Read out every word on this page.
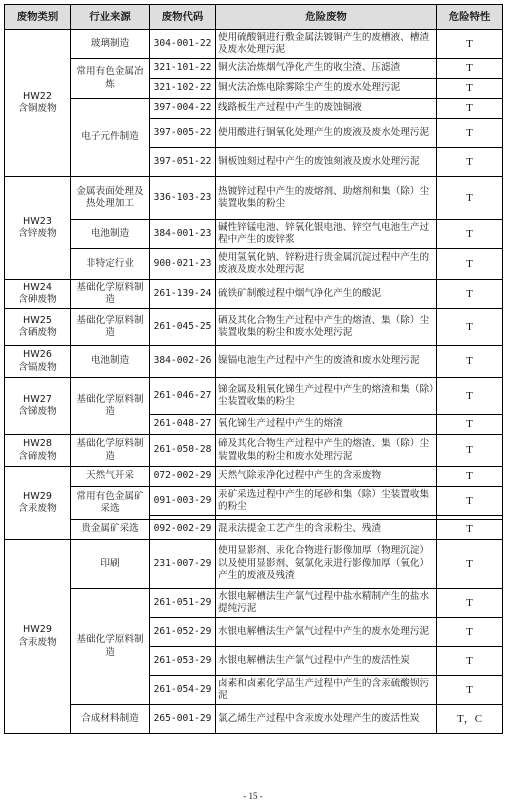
废物类别	行业来源	废物代码	危险废物	危险特性
HW22
含铜废物	玻璃制造	304-001-22	使用硫酸铜进行敷金属法镀铜产生的废槽液、槽渣及废水处理污泥	T
	常用有色金属冶炼	321-101-22	铜火法冶炼烟气净化产生的收尘渣、压滤渣	T
		321-102-22	铜火法冶炼电除雾除尘产生的废水处理污泥	T
	电子元件制造	397-004-22	线路板生产过程中产生的废蚀铜液	T
		397-005-22	使用酸进行铜氧化处理产生的废液及废水处理污泥	T
		397-051-22	铜板蚀刻过程中产生的废蚀刻液及废水处理污泥	T
HW23
含锌废物	金属表面处理及热处理加工	336-103-23	热镀锌过程中产生的废熔剂、助熔剂和集（除）尘装置收集的粉尘	T
	电池制造	384-001-23	碱性锌锰电池、锌氧化银电池、锌空气电池生产过程中产生的废锌浆	T
	非特定行业	900-021-23	使用氢氧化钠、锌粉进行贵金属沉淀过程中产生的废液及废水处理污泥	T
HW24
含砷废物	基础化学原料制造	261-139-24	硫铁矿制酸过程中烟气净化产生的酸泥	T
HW25
含硒废物	基础化学原料制造	261-045-25	硒及其化合物生产过程中产生的熔渣、集（除）尘装置收集的粉尘和废水处理污泥	T
HW26
含镉废物	电池制造	384-002-26	镍镉电池生产过程中产生的废渣和废水处理污泥	T
HW27
含锑废物	基础化学原料制造	261-046-27	锑金属及粗氧化锑生产过程中产生的熔渣和集（除）尘装置收集的粉尘	T
		261-048-27	氧化锑生产过程中产生的熔渣	T
HW28
含碲废物	基础化学原料制造	261-050-28	碲及其化合物生产过程中产生的熔渣、集（除）尘装置收集的粉尘和废水处理污泥	T
HW29
含汞废物	天然气开采	072-002-29	天然气除汞净化过程中产生的含汞废物	T
	常用有色金属矿采选	091-003-29	汞矿采选过程中产生的尾砂和集（除）尘装置收集的粉尘	T

	贵金属矿采选	092-002-29	混汞法提金工艺产生的含汞粉尘、残渣	T
HW29
含汞废物	印刷	231-007-29	使用显影剂、汞化合物进行影像加厚（物理沉淀）以及使用显影剂、氨氯化汞进行影像加厚（氧化）产生的废液及残渣	T
	基础化学原料制造	261-051-29	水银电解槽法生产氯气过程中盐水精制产生的盐水提纯污泥	T
		261-052-29	水银电解槽法生产氯气过程中产生的废水处理污泥	T
		261-053-29	水银电解槽法生产氯气过程中产生的废活性炭	T
		261-054-29	卤素和卤素化学品生产过程中产生的含汞硫酸钡污泥	T
	合成材料制造	265-001-29	氯乙烯生产过程中含汞废水处理产生的废活性炭	T，C
- 15 -
